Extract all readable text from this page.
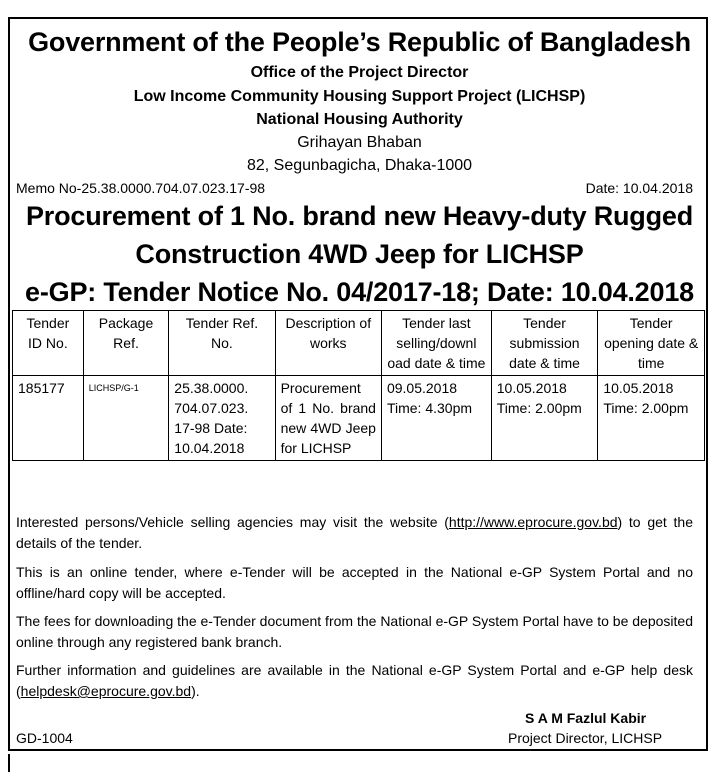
Government of the People’s Republic of Bangladesh
Office of the Project Director
Low Income Community Housing Support Project (LICHSP)
National Housing Authority
Grihayan Bhaban
82, Segunbagicha, Dhaka-1000
Memo No-25.38.0000.704.07.023.17-98	Date: 10.04.2018
Procurement of 1 No. brand new Heavy-duty Rugged
Construction 4WD Jeep for LICHSP
e-GP: Tender Notice No. 04/2017-18; Date: 10.04.2018
Tender ID No.	Package Ref.	Tender Ref. No.	Description of works	Tender last selling/downl oad date & time	Tender submission date & time	Tender opening date & time
185177	LICHSP/G-1	25.38.0000. 704.07.023. 17-98 Date: 10.04.2018	Procurement of 1 No. brand new 4WD Jeep for LICHSP	09.05.2018 Time: 4.30pm	10.05.2018 Time: 2.00pm	10.05.2018 Time: 2.00pm
Interested persons/Vehicle selling agencies may visit the website (http://www.eprocure.gov.bd) to get the details of the tender.
This is an online tender, where e-Tender will be accepted in the National e-GP System Portal and no offline/hard copy will be accepted.
The fees for downloading the e-Tender document from the National e-GP System Portal have to be deposited online through any registered bank branch.
Further information and guidelines are available in the National e-GP System Portal and e-GP help desk (helpdesk@eprocure.gov.bd).
S A M Fazlul Kabir
Project Director, LICHSP
GD-1004
